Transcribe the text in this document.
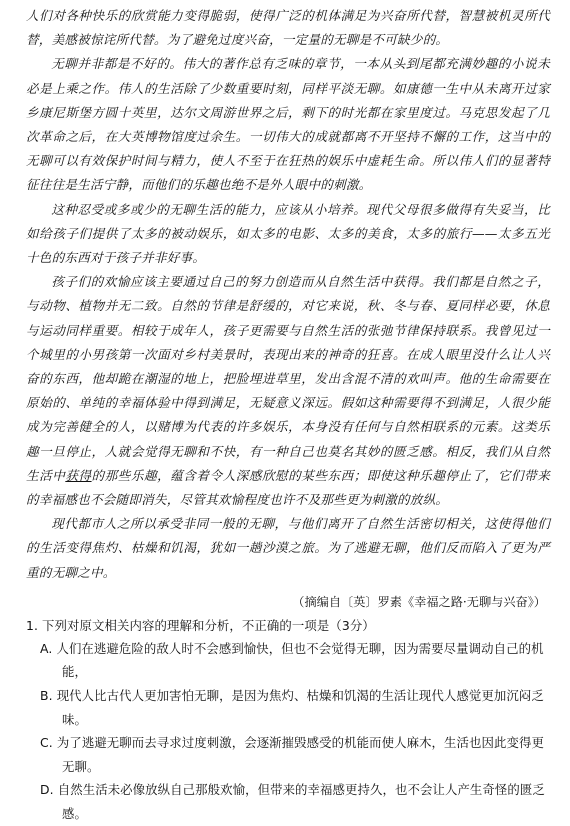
人们对各种快乐的欣赏能力变得脆弱，使得广泛的机体满足为兴奋所代替，智慧被机灵所代替，美感被惊诧所代替。为了避免过度兴奋，一定量的无聊是不可缺少的。

无聊并非都是不好的。伟大的著作总有乏味的章节，一本从头到尾都充满妙趣的小说未必是上乘之作。伟人的生活除了少数重要时刻，同样平淡无聊。如康德一生中从未离开过家乡康尼斯堡方圆十英里，达尔文周游世界之后，剩下的时光都在家里度过。马克思发起了几次革命之后，在大英博物馆度过余生。一切伟大的成就都离不开坚持不懈的工作，这当中的无聊可以有效保护时间与精力，使人不至于在狂热的娱乐中虚耗生命。所以伟人们的显著特征往往是生活宁静，而他们的乐趣也绝不是外人眼中的刺激。

这种忍受或多或少的无聊生活的能力，应该从小培养。现代父母很多做得有失妥当，比如给孩子们提供了太多的被动娱乐，如太多的电影、太多的美食，太多的旅行——太多五光十色的东西对于孩子并非好事。

孩子们的欢愉应该主要通过自己的努力创造而从自然生活中获得。我们都是自然之子，与动物、植物并无二致。自然的节律是舒缓的，对它来说，秋、冬与春、夏同样必要，休息与运动同样重要。相较于成年人，孩子更需要与自然生活的张弛节律保持联系。我曾见过一个城里的小男孩第一次面对乡村美景时，表现出来的神奇的狂喜。在成人眼里没什么让人兴奋的东西，他却跪在潮湿的地上，把脸埋进草里，发出含混不清的欢叫声。他的生命需要在原始的、单纯的幸福体验中得到满足，无疑意义深远。假如这种需要得不到满足，人很少能成为完善健全的人，以赌博为代表的许多娱乐，本身没有任何与自然相联系的元素。这类乐趣一旦停止，人就会觉得无聊和不快，有一种自己也莫名其妙的匮乏感。相反，我们从自然生活中获得的那些乐趣，蕴含着令人深感欣慰的某些东西；即使这种乐趣停止了，它们带来的幸福感也不会随即消失，尽管其欢愉程度也许不及那些更为刺激的放纵。

现代都市人之所以承受非同一般的无聊，与他们离开了自然生活密切相关，这使得他们的生活变得焦灼、枯燥和饥渴，犹如一趟沙漠之旅。为了逃避无聊，他们反而陷入了更为严重的无聊之中。

（摘编自〔英〕罗素《幸福之路·无聊与兴奋》）
1. 下列对原文相关内容的理解和分析，不正确的一项是（3分）
A. 人们在逃避危险的敌人时不会感到愉快，但也不会觉得无聊，因为需要尽量调动自己的机能，
B. 现代人比古代人更加害怕无聊，是因为焦灼、枯燥和饥渴的生活让现代人感觉更加沉闷乏味。
C. 为了逃避无聊而去寻求过度刺激，会逐渐摧毁感受的机能而使人麻木，生活也因此变得更无聊。
D. 自然生活未必像放纵自己那般欢愉，但带来的幸福感更持久，也不会让人产生奇怪的匮乏感。
